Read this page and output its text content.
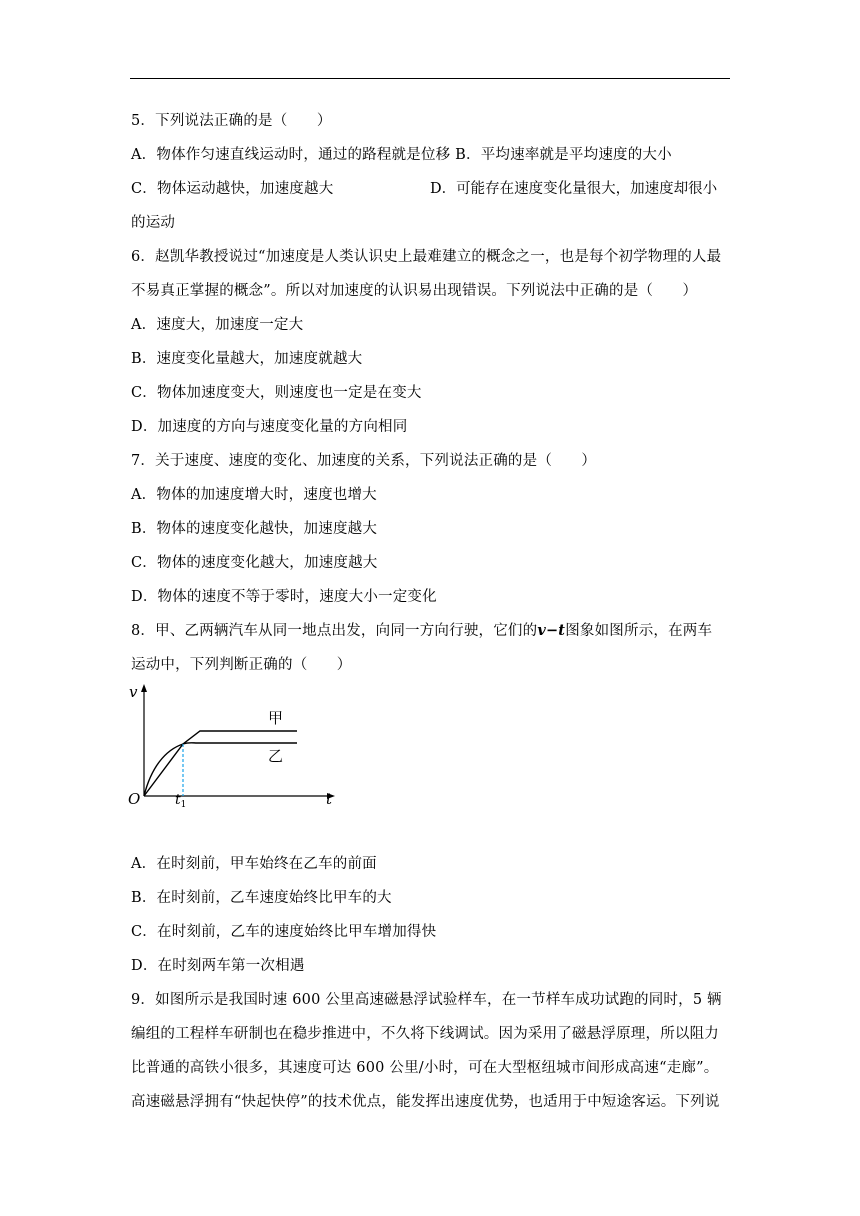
5．下列说法正确的是（　　）
A．物体作匀速直线运动时，通过的路程就是位移 B．平均速率就是平均速度的大小
C．物体运动越快，加速度越大	D．可能存在速度变化量很大，加速度却很小
的运动
6．赵凯华教授说过“加速度是人类认识史上最难建立的概念之一，也是每个初学物理的人最
不易真正掌握的概念”。所以对加速度的认识易出现错误。下列说法中正确的是（　　）
A．速度大，加速度一定大
B．速度变化量越大，加速度就越大
C．物体加速度变大，则速度也一定是在变大
D．加速度的方向与速度变化量的方向相同
7．关于速度、速度的变化、加速度的关系，下列说法正确的是（　　）
A．物体的加速度增大时，速度也增大
B．物体的速度变化越快，加速度越大
C．物体的速度变化越大，加速度越大
D．物体的速度不等于零时，速度大小一定变化
8．甲、乙两辆汽车从同一地点出发，向同一方向行驶，它们的v−t图象如图所示，在两车
运动中，下列判断正确的（　　）
v
t
O $t_1$
甲
乙
A．在时刻前，甲车始终在乙车的前面
B．在时刻前，乙车速度始终比甲车的大
C．在时刻前，乙车的速度始终比甲车增加得快
D．在时刻两车第一次相遇
9．如图所示是我国时速 600 公里高速磁悬浮试验样车，在一节样车成功试跑的同时，5 辆
编组的工程样车研制也在稳步推进中，不久将下线调试。因为采用了磁悬浮原理，所以阻力
比普通的高铁小很多，其速度可达 600 公里/小时，可在大型枢纽城市间形成高速“走廊”。
高速磁悬浮拥有“快起快停”的技术优点，能发挥出速度优势，也适用于中短途客运。下列说
